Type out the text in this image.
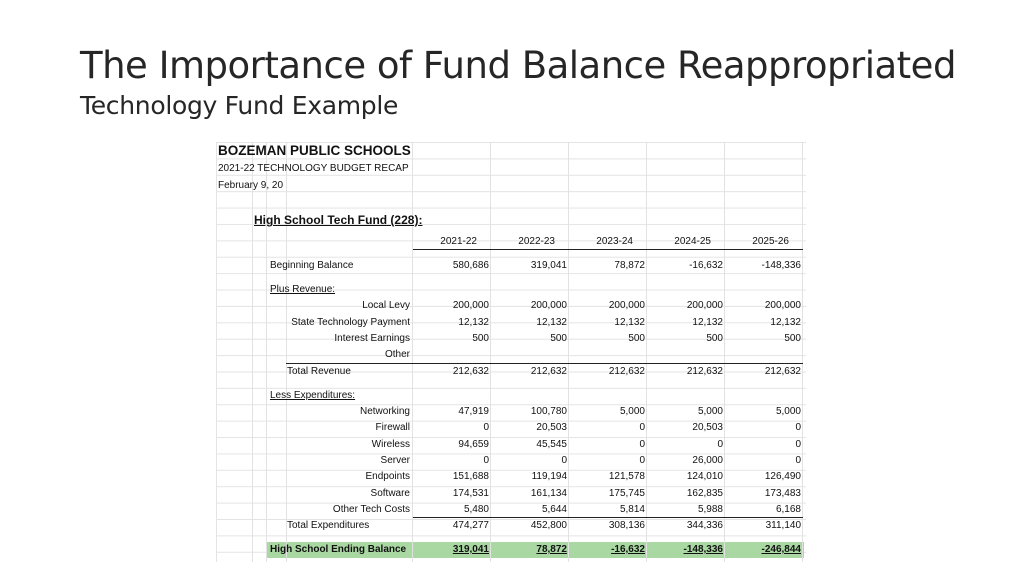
The Importance of Fund Balance Reappropriated
Technology Fund Example
BOZEMAN PUBLIC SCHOOLS
2021-22 TECHNOLOGY BUDGET RECAP
February 9, 20
High School Tech Fund (228):
2021-22	2022-23	2023-24	2024-25	2025-26
Beginning Balance	580,686	319,041	78,872	-16,632	-148,336
Plus Revenue:
Local Levy	200,000	200,000	200,000	200,000	200,000
State Technology Payment	12,132	12,132	12,132	12,132	12,132
Interest Earnings	500	500	500	500	500
Other
Total Revenue	212,632	212,632	212,632	212,632	212,632
Less Expenditures:
Networking	47,919	100,780	5,000	5,000	5,000
Firewall	0	20,503	0	20,503	0
Wireless	94,659	45,545	0	0	0
Server	0	0	0	26,000	0
Endpoints	151,688	119,194	121,578	124,010	126,490
Software	174,531	161,134	175,745	162,835	173,483
Other Tech Costs	5,480	5,644	5,814	5,988	6,168
Total Expenditures	474,277	452,800	308,136	344,336	311,140
High School Ending Balance	319,041	78,872	-16,632	-148,336	-246,844
